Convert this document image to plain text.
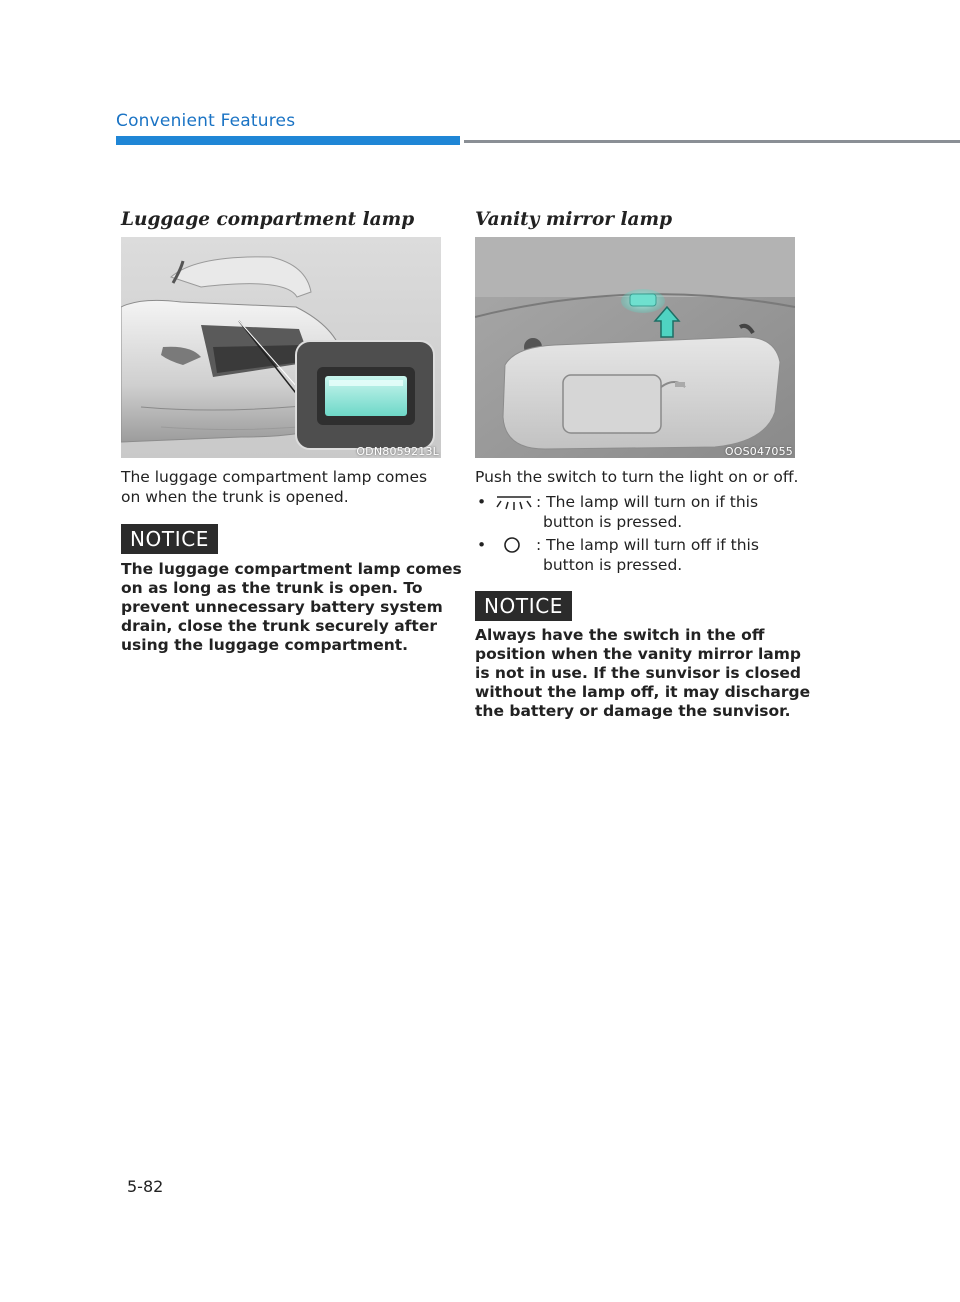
Convenient Features
Luggage compartment lamp
ODN8059213L
The luggage compartment lamp comes
on when the trunk is opened.
NOTICE
The luggage compartment lamp comes
on as long as the trunk is open. To
prevent unnecessary battery system
drain, close the trunk securely after
using the luggage compartment.
Vanity mirror lamp
OOS047055
Push the switch to turn the light on or off.
•	: The lamp will turn on if this
button is pressed.
•	: The lamp will turn off if this
button is pressed.
NOTICE
Always have the switch in the off
position when the vanity mirror lamp
is not in use. If the sunvisor is closed
without the lamp off, it may discharge
the battery or damage the sunvisor.
5-82
